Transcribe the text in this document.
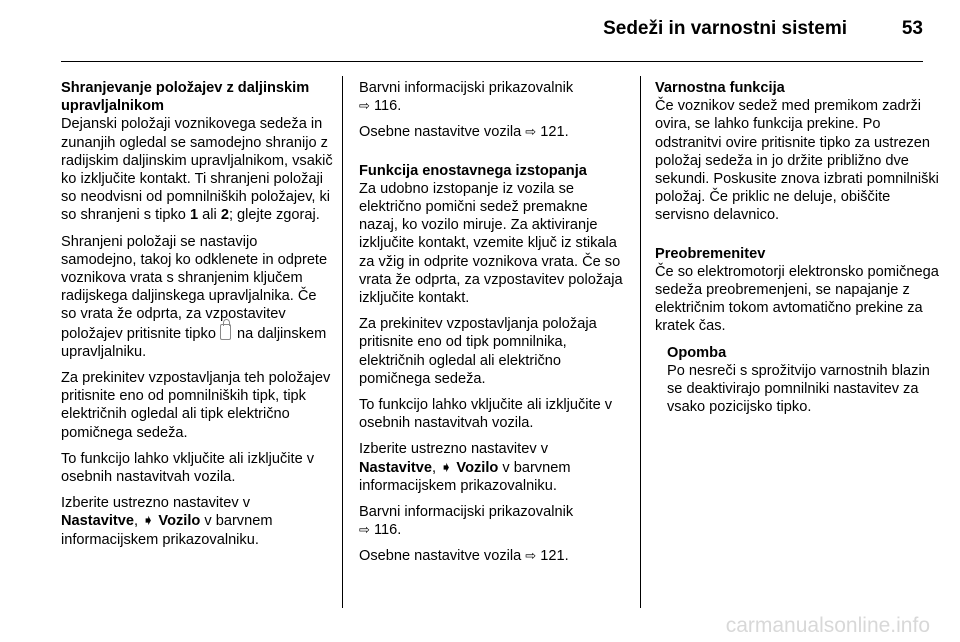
Sedeži in varnostni sistemi	53
Shranjevanje položajev z daljinskim upravljalnikom

Dejanski položaji voznikovega sedeža in zunanjih ogledal se samodejno shranijo z radijskim daljinskim upravljalnikom, vsakič ko izključite kontakt. Ti shranjeni položaji so neodvisni od pomnilniških položajev, ki so shranjeni s tipko 1 ali 2; glejte zgoraj.

Shranjeni položaji se nastavijo samodejno, takoj ko odklenete in odprete voznikova vrata s shranjenim ključem radijskega daljinskega upravljalnika. Če so vrata že odprta, za vzpostavitev položajev pritisnite tipko  na daljinskem upravljalniku.

Za prekinitev vzpostavljanja teh položajev pritisnite eno od pomnilniških tipk, tipk električnih ogledal ali tipk električno pomičnega sedeža.

To funkcijo lahko vključite ali izključite v osebnih nastavitvah vozila.

Izberite ustrezno nastavitev v
Nastavitve, ➧ Vozilo v barvnem informacijskem prikazovalniku.

Barvni informacijski prikazovalnik
⇨ 116.

Osebne nastavitve vozila ⇨ 121.

Funkcija enostavnega izstopanja

Za udobno izstopanje iz vozila se električno pomični sedež premakne nazaj, ko vozilo miruje. Za aktiviranje izključite kontakt, vzemite ključ iz stikala za vžig in odprite voznikova vrata. Če so vrata že odprta, za vzpostavitev položaja izključite kontakt.

Za prekinitev vzpostavljanja položaja pritisnite eno od tipk pomnilnika, električnih ogledal ali električno pomičnega sedeža.

To funkcijo lahko vključite ali izključite v osebnih nastavitvah vozila.

Izberite ustrezno nastavitev v
Nastavitve, ➧ Vozilo v barvnem informacijskem prikazovalniku.

Barvni informacijski prikazovalnik
⇨ 116.

Osebne nastavitve vozila ⇨ 121.

Varnostna funkcija

Če voznikov sedež med premikom zadrži ovira, se lahko funkcija prekine. Po odstranitvi ovire pritisnite tipko za ustrezen položaj sedeža in jo držite približno dve sekundi. Poskusite znova izbrati pomnilniški položaj. Če priklic ne deluje, obiščite servisno delavnico.

Preobremenitev

Če so elektromotorji elektronsko pomičnega sedeža preobremenjeni, se napajanje z električnim tokom avtomatično prekine za kratek čas.

Opomba

Po nesreči s sprožitvijo varnostnih blazin se deaktivirajo pomnilniki nastavitev za vsako pozicijsko tipko.

carmanualsonline.info
